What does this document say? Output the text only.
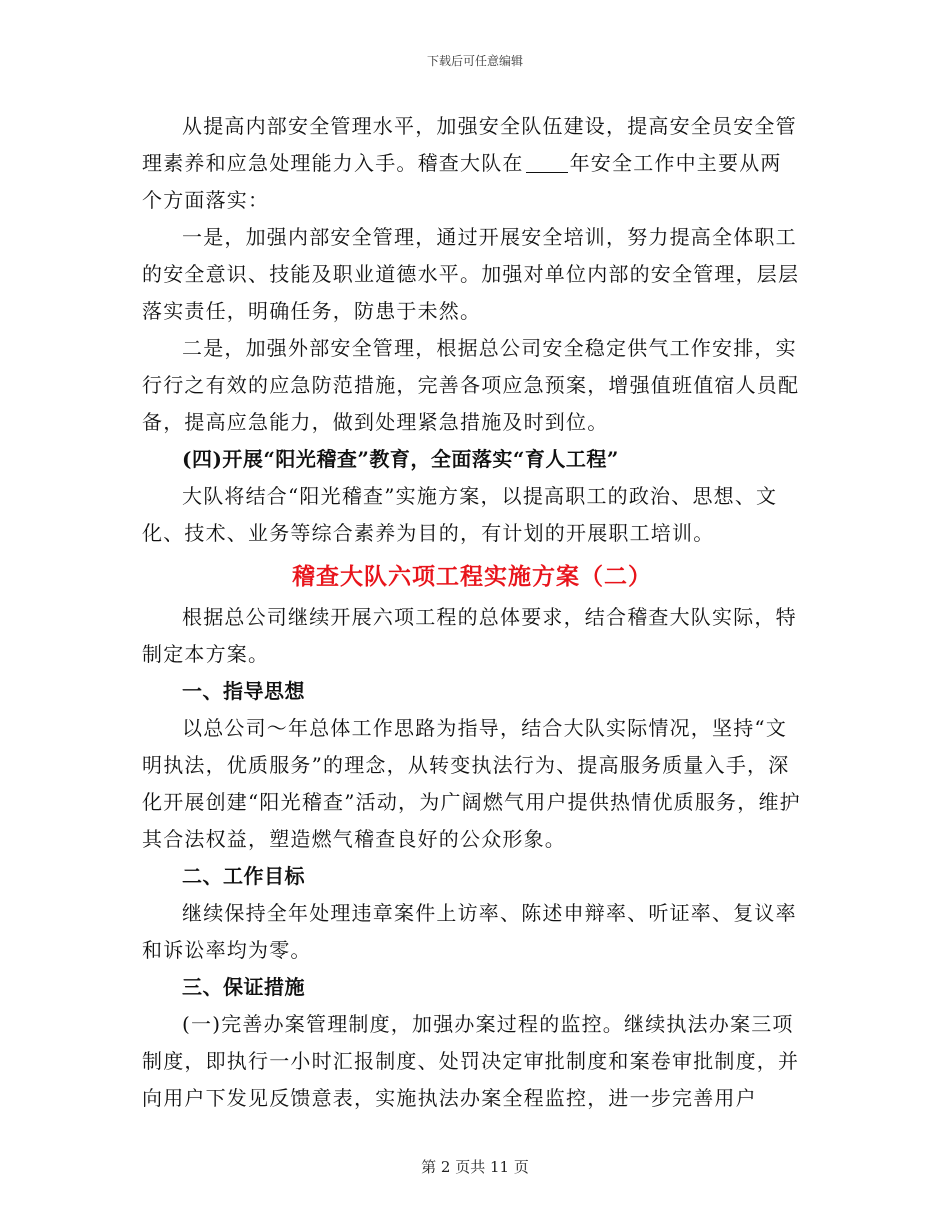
下载后可任意编辑

从提高内部安全管理水平，加强安全队伍建设，提高安全员安全管理素养和应急处理能力入手。稽查大队在 年安全工作中主要从两个方面落实：

一是，加强内部安全管理，通过开展安全培训，努力提高全体职工的安全意识、技能及职业道德水平。加强对单位内部的安全管理，层层落实责任，明确任务，防患于未然。

二是，加强外部安全管理，根据总公司安全稳定供气工作安排，实行行之有效的应急防范措施，完善各项应急预案，增强值班值宿人员配备，提高应急能力，做到处理紧急措施及时到位。

(四)开展“阳光稽查”教育，全面落实“育人工程”

大队将结合“阳光稽查”实施方案，以提高职工的政治、思想、文化、技术、业务等综合素养为目的，有计划的开展职工培训。

稽查大队六项工程实施方案（二）

根据总公司继续开展六项工程的总体要求，结合稽查大队实际，特制定本方案。

一、指导思想

以总公司～年总体工作思路为指导，结合大队实际情况，坚持“文明执法，优质服务”的理念，从转变执法行为、提高服务质量入手，深化开展创建“阳光稽查”活动，为广阔燃气用户提供热情优质服务，维护其合法权益，塑造燃气稽查良好的公众形象。

二、工作目标

继续保持全年处理违章案件上访率、陈述申辩率、听证率、复议率和诉讼率均为零。

三、保证措施

(一)完善办案管理制度，加强办案过程的监控。继续执法办案三项制度，即执行一小时汇报制度、处罚决定审批制度和案卷审批制度，并向用户下发见反馈意表，实施执法办案全程监控，进一步完善用户

第 2 页共 11 页
